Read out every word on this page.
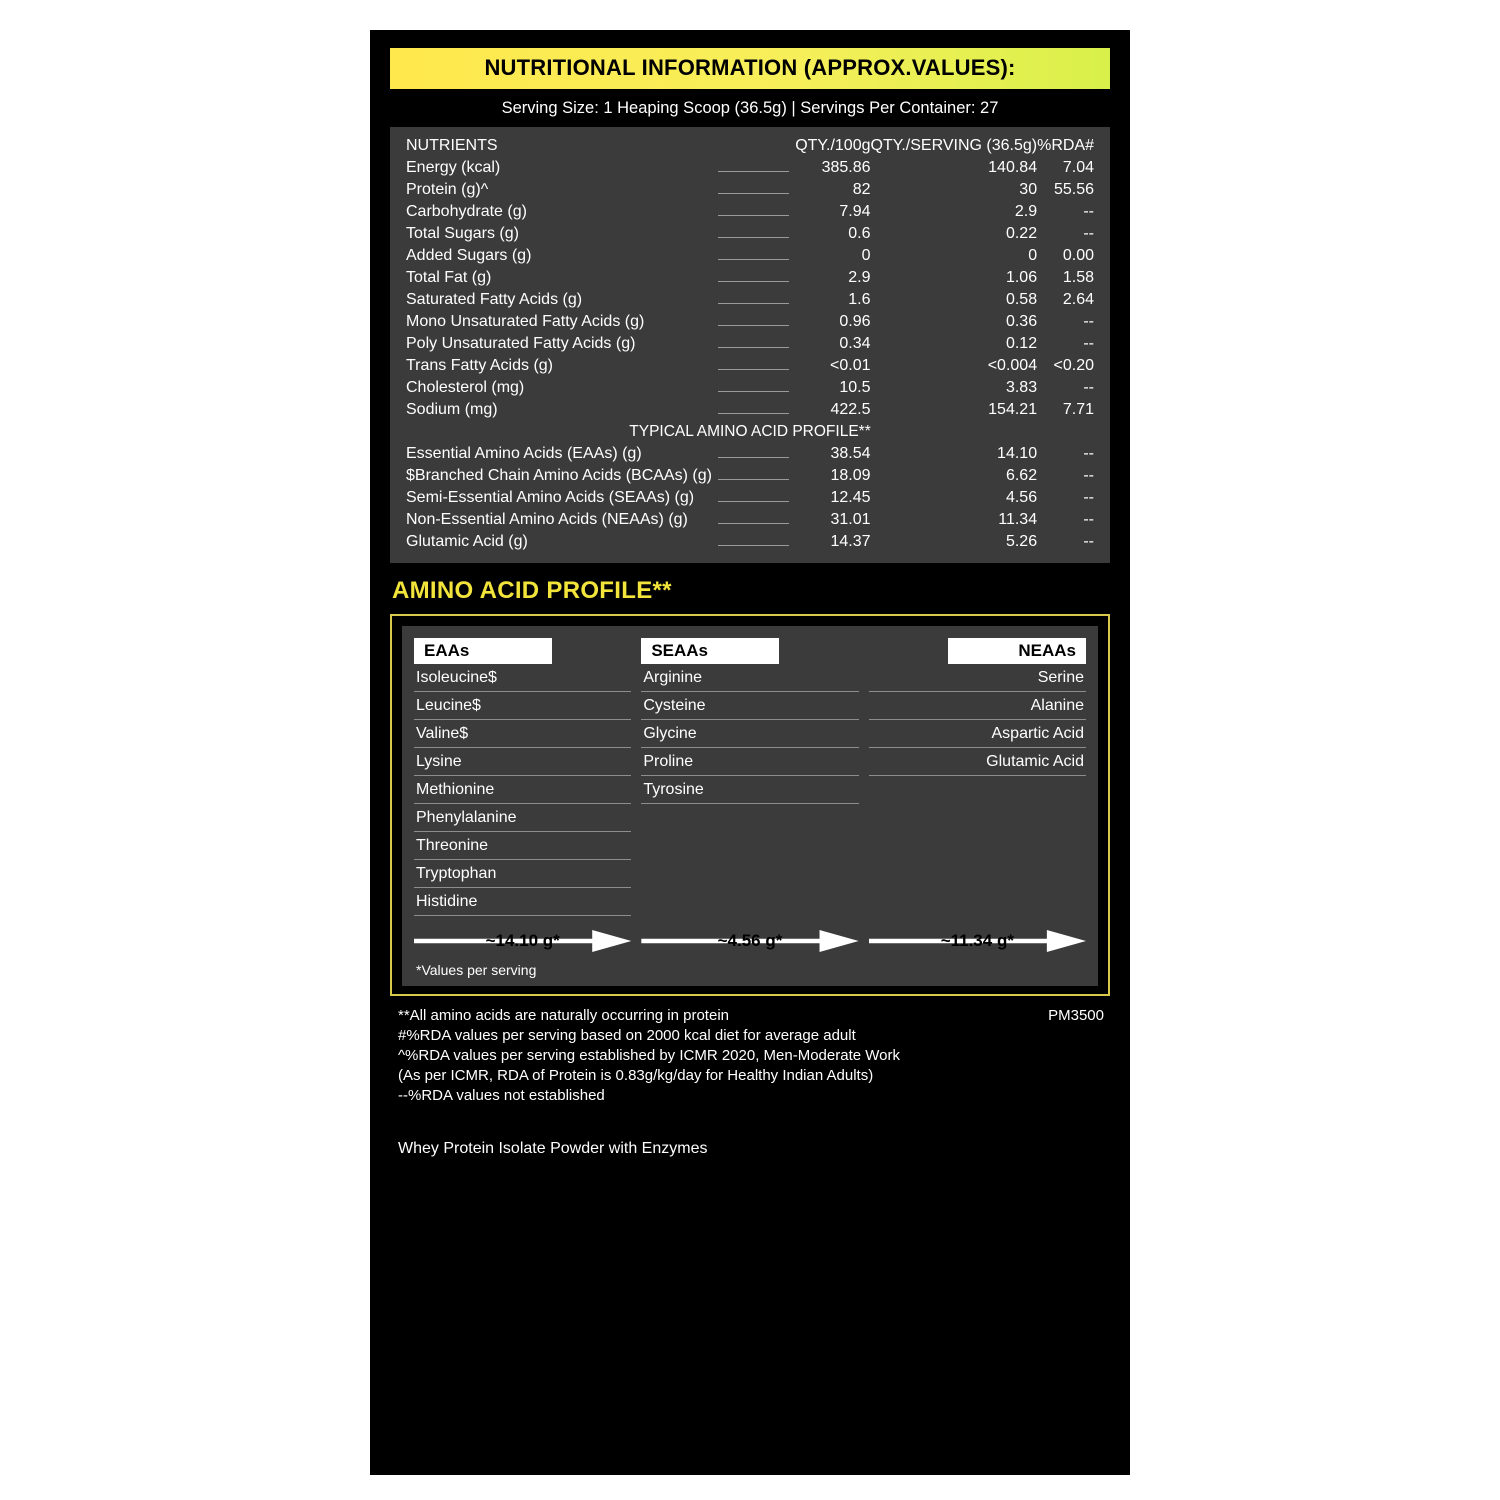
NUTRITIONAL INFORMATION (APPROX.VALUES):
Serving Size: 1 Heaping Scoop (36.5g) | Servings Per Container: 27
NUTRIENTS		QTY./100g	QTY./SERVING (36.5g)	%RDA#
Energy (kcal)		385.86	140.84	7.04
Protein (g)^		82	30	55.56
Carbohydrate (g)		7.94	2.9	--
Total Sugars (g)		0.6	0.22	--
Added Sugars (g)		0	0	0.00
Total Fat (g)		2.9	1.06	1.58
Saturated Fatty Acids (g)		1.6	0.58	2.64
Mono Unsaturated Fatty Acids (g)		0.96	0.36	--
Poly Unsaturated Fatty Acids (g)		0.34	0.12	--
Trans Fatty Acids (g)		<0.01	<0.004	<0.20
Cholesterol (mg)		10.5	3.83	--
Sodium (mg)		422.5	154.21	7.71
TYPICAL AMINO ACID PROFILE**				
Essential Amino Acids (EAAs) (g)		38.54	14.10	--
$Branched Chain Amino Acids (BCAAs) (g)		18.09	6.62	--
Semi-Essential Amino Acids (SEAAs) (g)		12.45	4.56	--
Non-Essential Amino Acids (NEAAs) (g)		31.01	11.34	--
Glutamic Acid (g)		14.37	5.26	--
AMINO ACID PROFILE**
EAAs
Isoleucine$
Leucine$
Valine$
Lysine
Methionine
Phenylalanine
Threonine
Tryptophan
Histidine
SEAAs
Arginine
Cysteine
Glycine
Proline
Tyrosine
NEAAs
Serine
Alanine
Aspartic Acid
Glutamic Acid
~14.10 g*	~4.56 g*	~11.34 g*
*Values per serving
PM3500
**All amino acids are naturally occurring in protein
#%RDA values per serving based on 2000 kcal diet for average adult
^%RDA values per serving established by ICMR 2020, Men-Moderate Work
(As per ICMR, RDA of Protein is 0.83g/kg/day for Healthy Indian Adults)
--%RDA values not established
Whey Protein Isolate Powder with Enzymes
